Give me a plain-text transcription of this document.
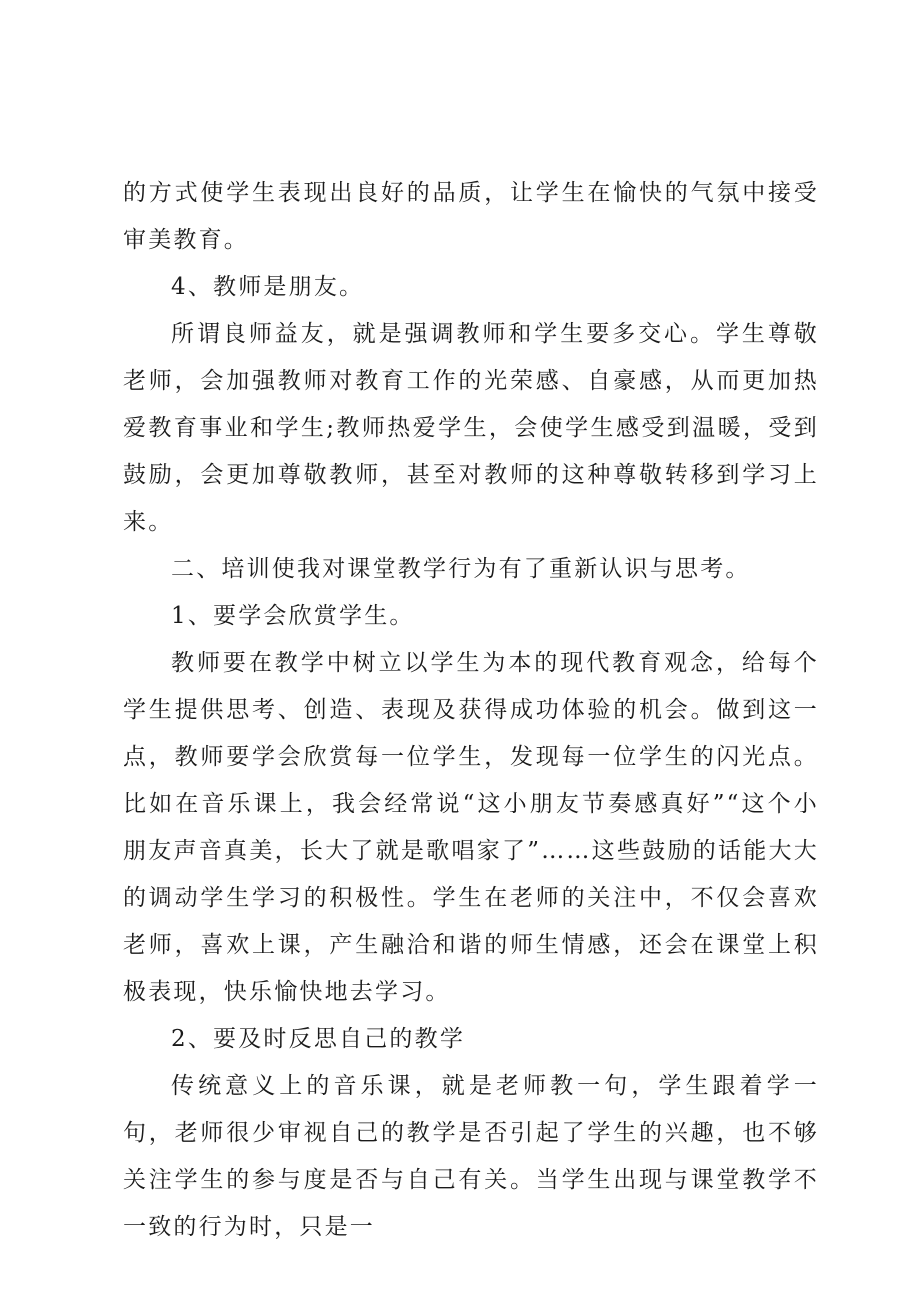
的方式使学生表现出良好的品质，让学生在愉快的气氛中接受审美教育。

4、教师是朋友。

所谓良师益友，就是强调教师和学生要多交心。学生尊敬老师，会加强教师对教育工作的光荣感、自豪感，从而更加热爱教育事业和学生;教师热爱学生，会使学生感受到温暖，受到鼓励，会更加尊敬教师，甚至对教师的这种尊敬转移到学习上来。

二、培训使我对课堂教学行为有了重新认识与思考。

1、要学会欣赏学生。

教师要在教学中树立以学生为本的现代教育观念，给每个学生提供思考、创造、表现及获得成功体验的机会。做到这一点，教师要学会欣赏每一位学生，发现每一位学生的闪光点。比如在音乐课上，我会经常说“这小朋友节奏感真好”“这个小朋友声音真美，长大了就是歌唱家了”……这些鼓励的话能大大的调动学生学习的积极性。学生在老师的关注中，不仅会喜欢老师，喜欢上课，产生融洽和谐的师生情感，还会在课堂上积极表现，快乐愉快地去学习。

2、要及时反思自己的教学

传统意义上的音乐课，就是老师教一句，学生跟着学一句，老师很少审视自己的教学是否引起了学生的兴趣，也不够关注学生的参与度是否与自己有关。当学生出现与课堂教学不一致的行为时，只是一
